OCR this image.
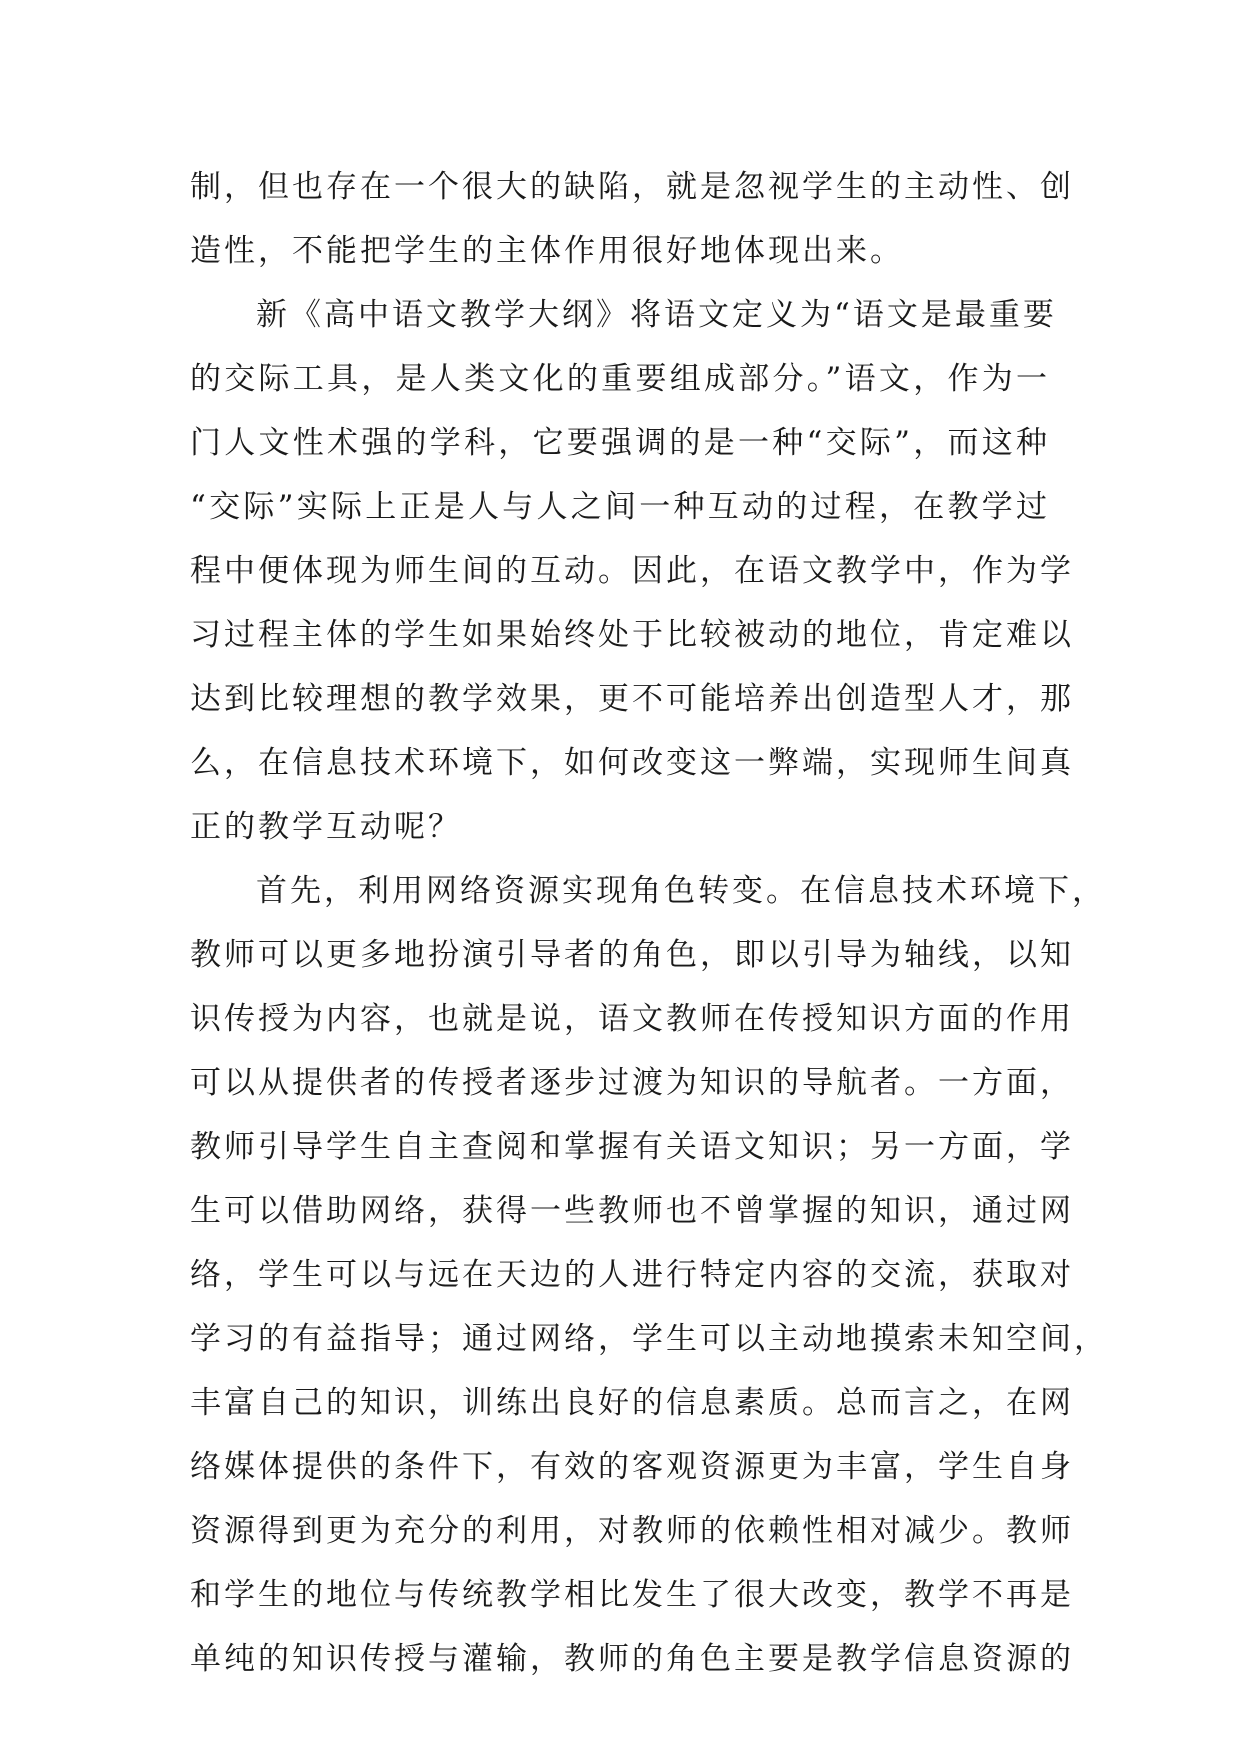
制，但也存在一个很大的缺陷，就是忽视学生的主动性、创
造性，不能把学生的主体作用很好地体现出来。
新《高中语文教学大纲》将语文定义为“语文是最重要
的交际工具，是人类文化的重要组成部分。”语文，作为一
门人文性术强的学科，它要强调的是一种“交际”，而这种
“交际”实际上正是人与人之间一种互动的过程，在教学过
程中便体现为师生间的互动。因此，在语文教学中，作为学
习过程主体的学生如果始终处于比较被动的地位，肯定难以
达到比较理想的教学效果，更不可能培养出创造型人才，那
么，在信息技术环境下，如何改变这一弊端，实现师生间真
正的教学互动呢？
首先，利用网络资源实现角色转变。在信息技术环境下，
教师可以更多地扮演引导者的角色，即以引导为轴线，以知
识传授为内容，也就是说，语文教师在传授知识方面的作用
可以从提供者的传授者逐步过渡为知识的导航者。一方面，
教师引导学生自主查阅和掌握有关语文知识；另一方面，学
生可以借助网络，获得一些教师也不曾掌握的知识，通过网
络，学生可以与远在天边的人进行特定内容的交流，获取对
学习的有益指导；通过网络，学生可以主动地摸索未知空间，
丰富自己的知识，训练出良好的信息素质。总而言之，在网
络媒体提供的条件下，有效的客观资源更为丰富，学生自身
资源得到更为充分的利用，对教师的依赖性相对减少。教师
和学生的地位与传统教学相比发生了很大改变，教学不再是
单纯的知识传授与灌输，教师的角色主要是教学信息资源的
